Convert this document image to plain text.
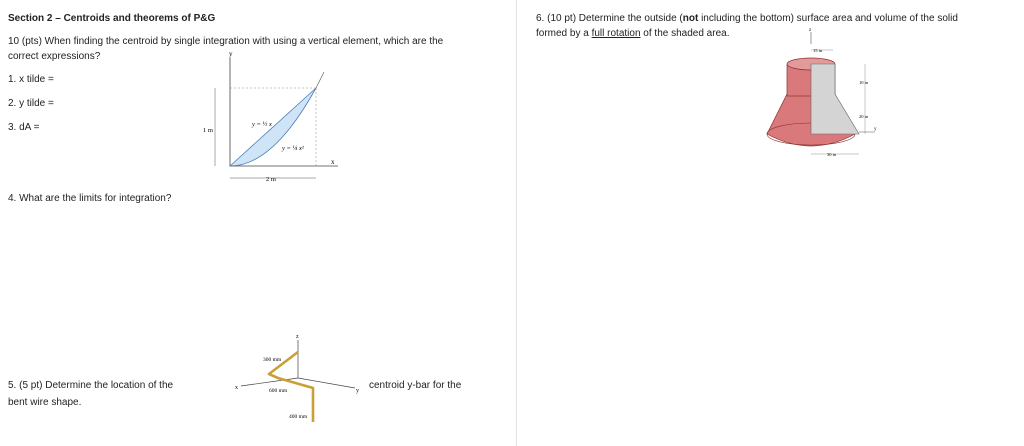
Section 2 – Centroids and theorems of P&G
10 (pts) When finding the centroid by single integration with using a vertical element, which are the
correct expressions?
1. x tilde =
2. y tilde =
3. dA =
4. What are the limits for integration?
5. (5 pt) Determine the location of the
bent wire shape.
centroid y-bar for the
y
x
y = ½ x
y = ¼ x²
1 m
2 m
z
x	y
300 mm
600 mm
400 mm
6. (10 pt) Determine the outside (not including the bottom) surface area and volume of the solid
formed by a full rotation of the shaded area.	z
15 in
10 in
20 in
y
30 in
